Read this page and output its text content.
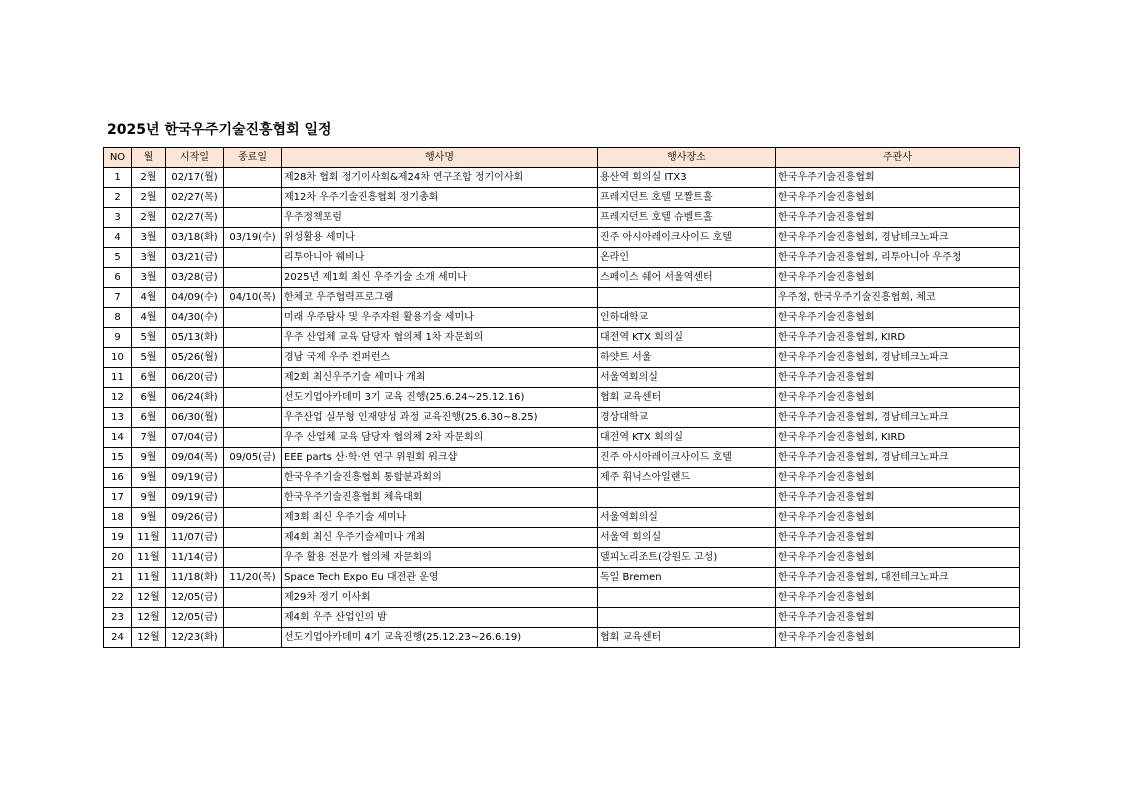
2025년 한국우주기술진흥협회 일정
NO	월	시작일	종료일	행사명	행사장소	주관사
1	2월	02/17(월)		제28차 협회 정기이사회&제24차 연구조합 정기이사회	용산역 회의실 ITX3	한국우주기술진흥협회
2	2월	02/27(목)		제12차 우주기술진흥협회 정기총회	프레지던트 호텔 모짤트홀	한국우주기술진흥협회
3	2월	02/27(목)		우주정책포럼	프레지던트 호텔 슈벨트홀	한국우주기술진흥협회
4	3월	03/18(화)	03/19(수)	위성활용 세미나	진주 아시아레이크사이드 호텔	한국우주기술진흥협회, 경남테크노파크
5	3월	03/21(금)		리투아니아 웨비나	온라인	한국우주기술진흥협회, 리투아니아 우주청
6	3월	03/28(금)		2025년 제1회 최신 우주기술 소개 세미나	스페이스 쉐어 서울역센터	한국우주기술진흥협회
7	4월	04/09(수)	04/10(목)	한체코 우주협력프로그램		우주청, 한국우주기술진흥협회, 체코
8	4월	04/30(수)		미래 우주탐사 및 우주자원 활용기술 세미나	인하대학교	한국우주기술진흥협회
9	5월	05/13(화)		우주 산업체 교육 담당자 협의체 1차 자문회의	대전역 KTX 회의실	한국우주기술진흥협회, KIRD
10	5월	05/26(월)		경남 국제 우주 컨퍼런스	하얏트 서울	한국우주기술진흥협회, 경남테크노파크
11	6월	06/20(금)		제2회 최신우주기술 세미나 개최	서울역회의실	한국우주기술진흥협회
12	6월	06/24(화)		선도기업아카데미 3기 교육 진행(25.6.24~25.12.16)	협회 교육센터	한국우주기술진흥협회
13	6월	06/30(월)		우주산업 실무형 인재양성 과정 교육진행(25.6.30~8.25)	경상대학교	한국우주기술진흥협회, 경남테크노파크
14	7월	07/04(금)		우주 산업체 교육 담당자 협의체 2차 자문회의	대전역 KTX 회의실	한국우주기술진흥협회, KIRD
15	9월	09/04(목)	09/05(금)	EEE parts 산·학·연 연구 위원회 워크샵	진주 아시아레이크사이드 호텔	한국우주기술진흥협회, 경남테크노파크
16	9월	09/19(금)		한국우주기술진흥협회 통합분과회의	제주 휘닉스아일랜드	한국우주기술진흥협회
17	9월	09/19(금)		한국우주기술진흥협회 체육대회		한국우주기술진흥협회
18	9월	09/26(금)		제3회 최신 우주기술 세미나	서울역회의실	한국우주기술진흥협회
19	11월	11/07(금)		제4회 최신 우주기술세미나 개최	서울역 회의실	한국우주기술진흥협회
20	11월	11/14(금)		우주 활용 전문가 협의체 자문회의	델피노리조트(강원도 고성)	한국우주기술진흥협회
21	11월	11/18(화)	11/20(목)	Space Tech Expo Eu 대전관 운영	독일 Bremen	한국우주기술진흥협회, 대전테크노파크
22	12월	12/05(금)		제29차 정기 이사회		한국우주기술진흥협회
23	12월	12/05(금)		제4회 우주 산업인의 밤		한국우주기술진흥협회
24	12월	12/23(화)		선도기업아카데미 4기 교육진행(25.12.23~26.6.19)	협회 교육센터	한국우주기술진흥협회
